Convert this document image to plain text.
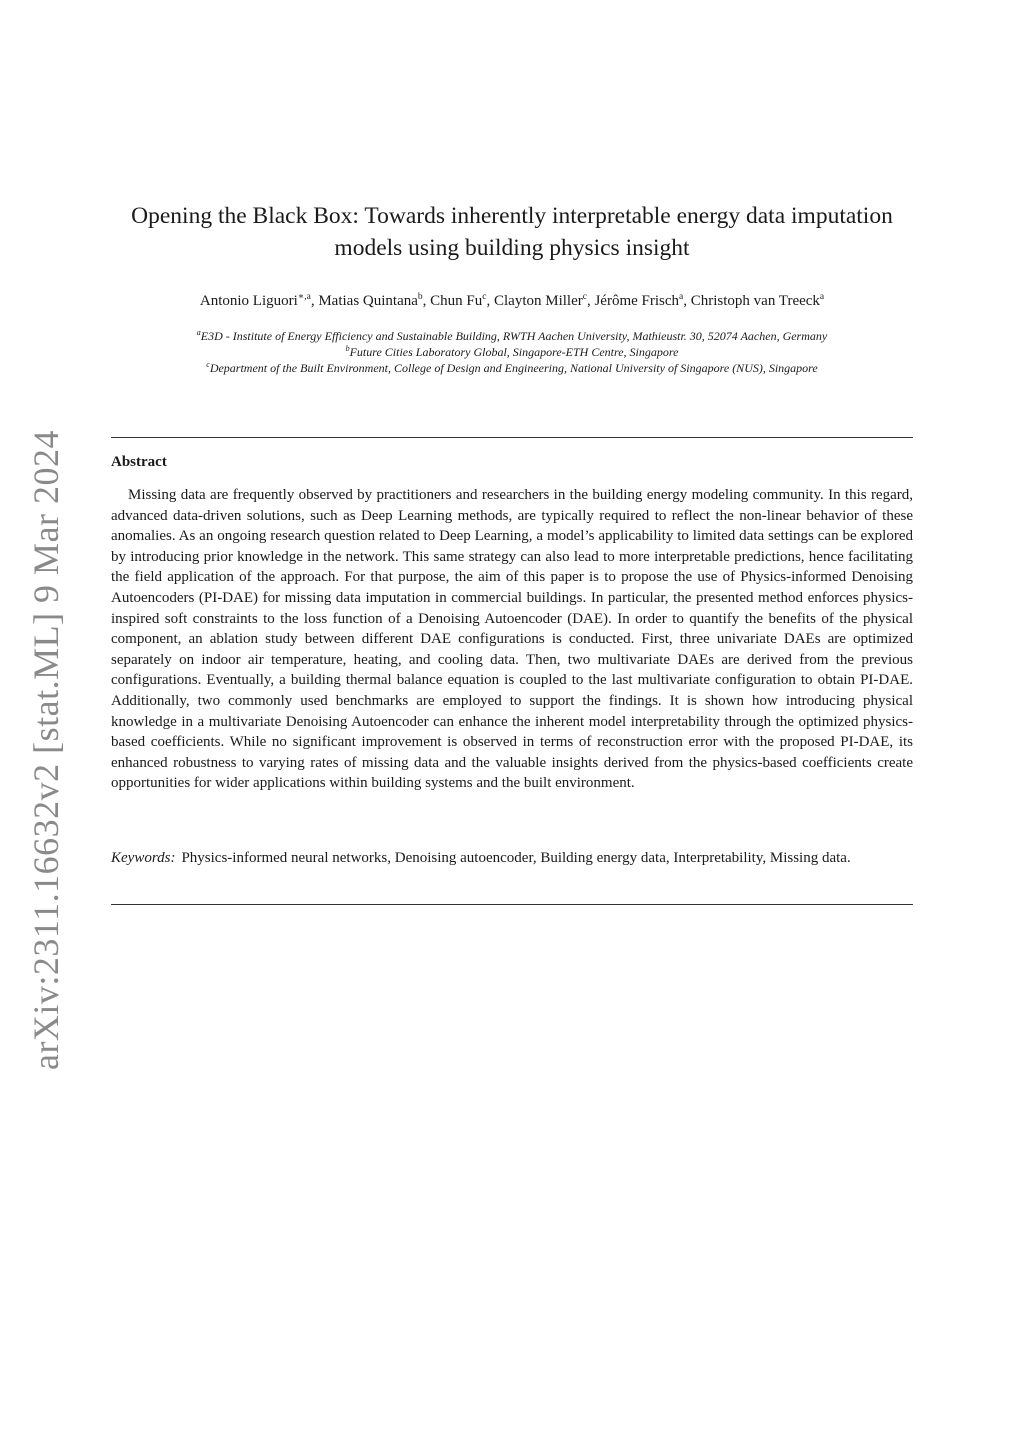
arXiv:2311.16632v2 [stat.ML] 9 Mar 2024
Opening the Black Box: Towards inherently interpretable energy data imputation models using building physics insight
Antonio Liguori$^{∗,a}$, Matias Quintana$^b$, Chun Fu$^c$, Clayton Miller$^c$, Jérôme Frisch$^a$, Christoph van Treeck$^a$
$^a$E3D - Institute of Energy Efficiency and Sustainable Building, RWTH Aachen University, Mathieustr. 30, 52074 Aachen, Germany
$^b$Future Cities Laboratory Global, Singapore-ETH Centre, Singapore
$^c$Department of the Built Environment, College of Design and Engineering, National University of Singapore (NUS), Singapore
Abstract

Missing data are frequently observed by practitioners and researchers in the building energy modeling community. In this regard, advanced data-driven solutions, such as Deep Learning methods, are typically required to reflect the non-linear behavior of these anomalies. As an ongoing research question related to Deep Learning, a model’s applicability to limited data settings can be explored by introducing prior knowledge in the network. This same strategy can also lead to more interpretable predictions, hence facilitating the field application of the approach. For that purpose, the aim of this paper is to propose the use of Physics-informed Denoising Autoencoders (PI-DAE) for missing data imputation in commercial buildings. In particular, the presented method enforces physics-inspired soft constraints to the loss function of a Denoising Autoencoder (DAE). In order to quantify the benefits of the physical component, an ablation study between different DAE configurations is conducted. First, three univariate DAEs are optimized separately on indoor air temperature, heating, and cooling data. Then, two multivariate DAEs are derived from the previous configurations. Eventually, a building thermal balance equation is coupled to the last multivariate configuration to obtain PI-DAE. Additionally, two commonly used benchmarks are employed to support the findings. It is shown how introducing physical knowledge in a multivariate Denoising Autoencoder can enhance the inherent model interpretability through the optimized physics-based coefficients. While no significant improvement is observed in terms of reconstruction error with the proposed PI-DAE, its enhanced robustness to varying rates of missing data and the valuable insights derived from the physics-based coefficients create opportunities for wider applications within building systems and the built environment.

Keywords: Physics-informed neural networks, Denoising autoencoder, Building energy data, Interpretability, Missing data.
